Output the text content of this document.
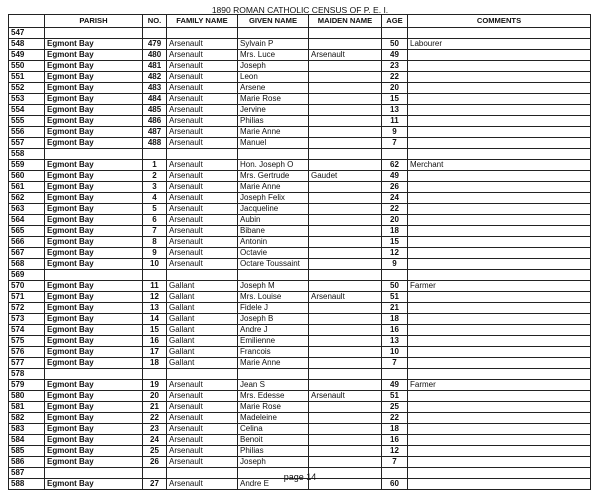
1890 ROMAN CATHOLIC CENSUS OF P. E. I.
	PARISH	NO.	FAMILY NAME	GIVEN NAME	MAIDEN NAME	AGE	COMMENTS
547							
548	Egmont Bay	479	Arsenault	Sylvain P		50	Labourer
549	Egmont Bay	480	Arsenault	Mrs. Luce	Arsenault	49	
550	Egmont Bay	481	Arsenault	Joseph		23	
551	Egmont Bay	482	Arsenault	Leon		22	
552	Egmont Bay	483	Arsenault	Arsene		20	
553	Egmont Bay	484	Arsenault	Marie Rose		15	
554	Egmont Bay	485	Arsenault	Jervine		13	
555	Egmont Bay	486	Arsenault	Philias		11	
556	Egmont Bay	487	Arsenault	Marie Anne		9	
557	Egmont Bay	488	Arsenault	Manuel		7	
558							
559	Egmont Bay	1	Arsenault	Hon. Joseph O		62	Merchant
560	Egmont Bay	2	Arsenault	Mrs. Gertrude	Gaudet	49	
561	Egmont Bay	3	Arsenault	Marie Anne		26	
562	Egmont Bay	4	Arsenault	Joseph Felix		24	
563	Egmont Bay	5	Arsenault	Jacqueline		22	
564	Egmont Bay	6	Arsenault	Aubin		20	
565	Egmont Bay	7	Arsenault	Bibane		18	
566	Egmont Bay	8	Arsenault	Antonin		15	
567	Egmont Bay	9	Arsenault	Octavie		12	
568	Egmont Bay	10	Arsenault	Octare Toussaint		9	
569							
570	Egmont Bay	11	Gallant	Joseph M		50	Farmer
571	Egmont Bay	12	Gallant	Mrs. Louise	Arsenault	51	
572	Egmont Bay	13	Gallant	Fidele J		21	
573	Egmont Bay	14	Gallant	Joseph B		18	
574	Egmont Bay	15	Gallant	Andre J		16	
575	Egmont Bay	16	Gallant	Emilienne		13	
576	Egmont Bay	17	Gallant	Francois		10	
577	Egmont Bay	18	Gallant	Marie Anne		7	
578							
579	Egmont Bay	19	Arsenault	Jean S		49	Farmer
580	Egmont Bay	20	Arsenault	Mrs. Edesse	Arsenault	51	
581	Egmont Bay	21	Arsenault	Marie Rose		25	
582	Egmont Bay	22	Arsenault	Madeleine		22	
583	Egmont Bay	23	Arsenault	Celina		18	
584	Egmont Bay	24	Arsenault	Benoit		16	
585	Egmont Bay	25	Arsenault	Philias		12	
586	Egmont Bay	26	Arsenault	Joseph		7	
587							
588	Egmont Bay	27	Arsenault	Andre E		60	
page 14
